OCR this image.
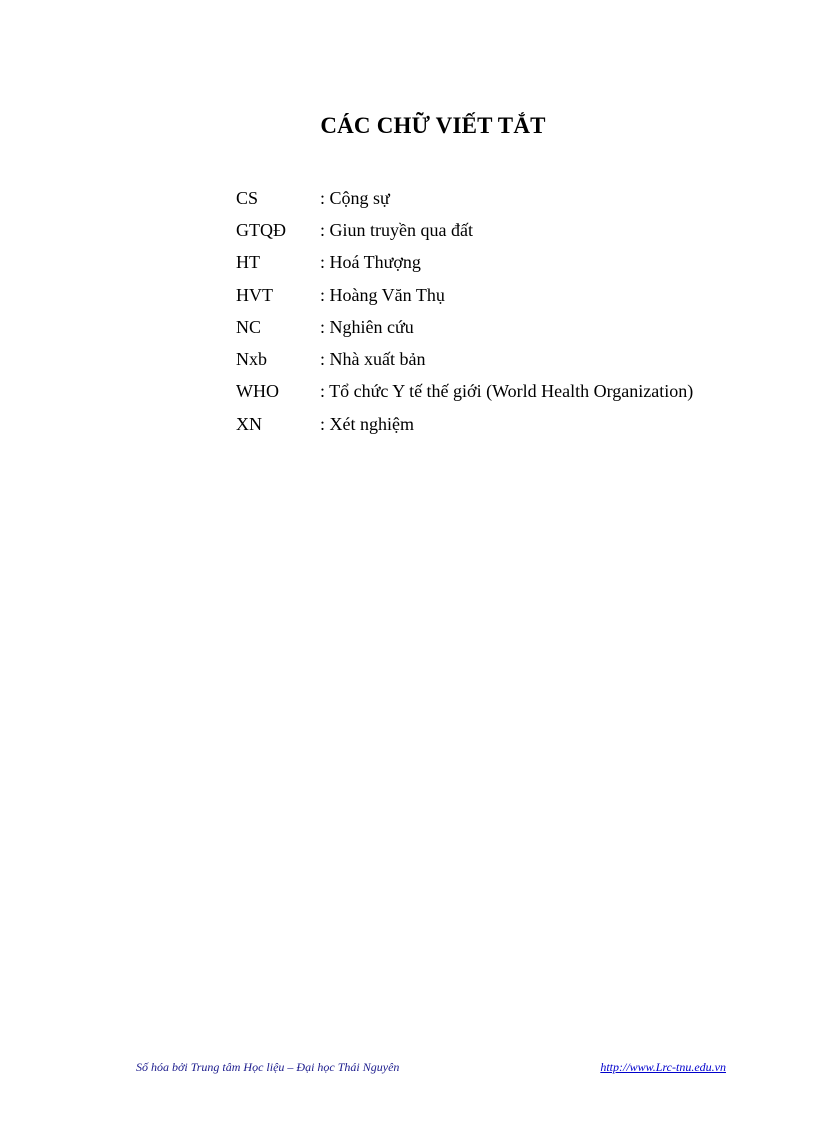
CÁC CHỮ VIẾT TẮT
CS	: Cộng sự
GTQĐ	: Giun truyền qua đất
HT	: Hoá Thượng
HVT	: Hoàng Văn Thụ
NC	: Nghiên cứu
Nxb	: Nhà xuất bản
WHO	: Tổ chức Y tế thế giới (World Health Organization)
XN	: Xét nghiệm
Số hóa bởi Trung tâm Học liệu – Đại học Thái Nguyên	http://www.Lrc-tnu.edu.vn
